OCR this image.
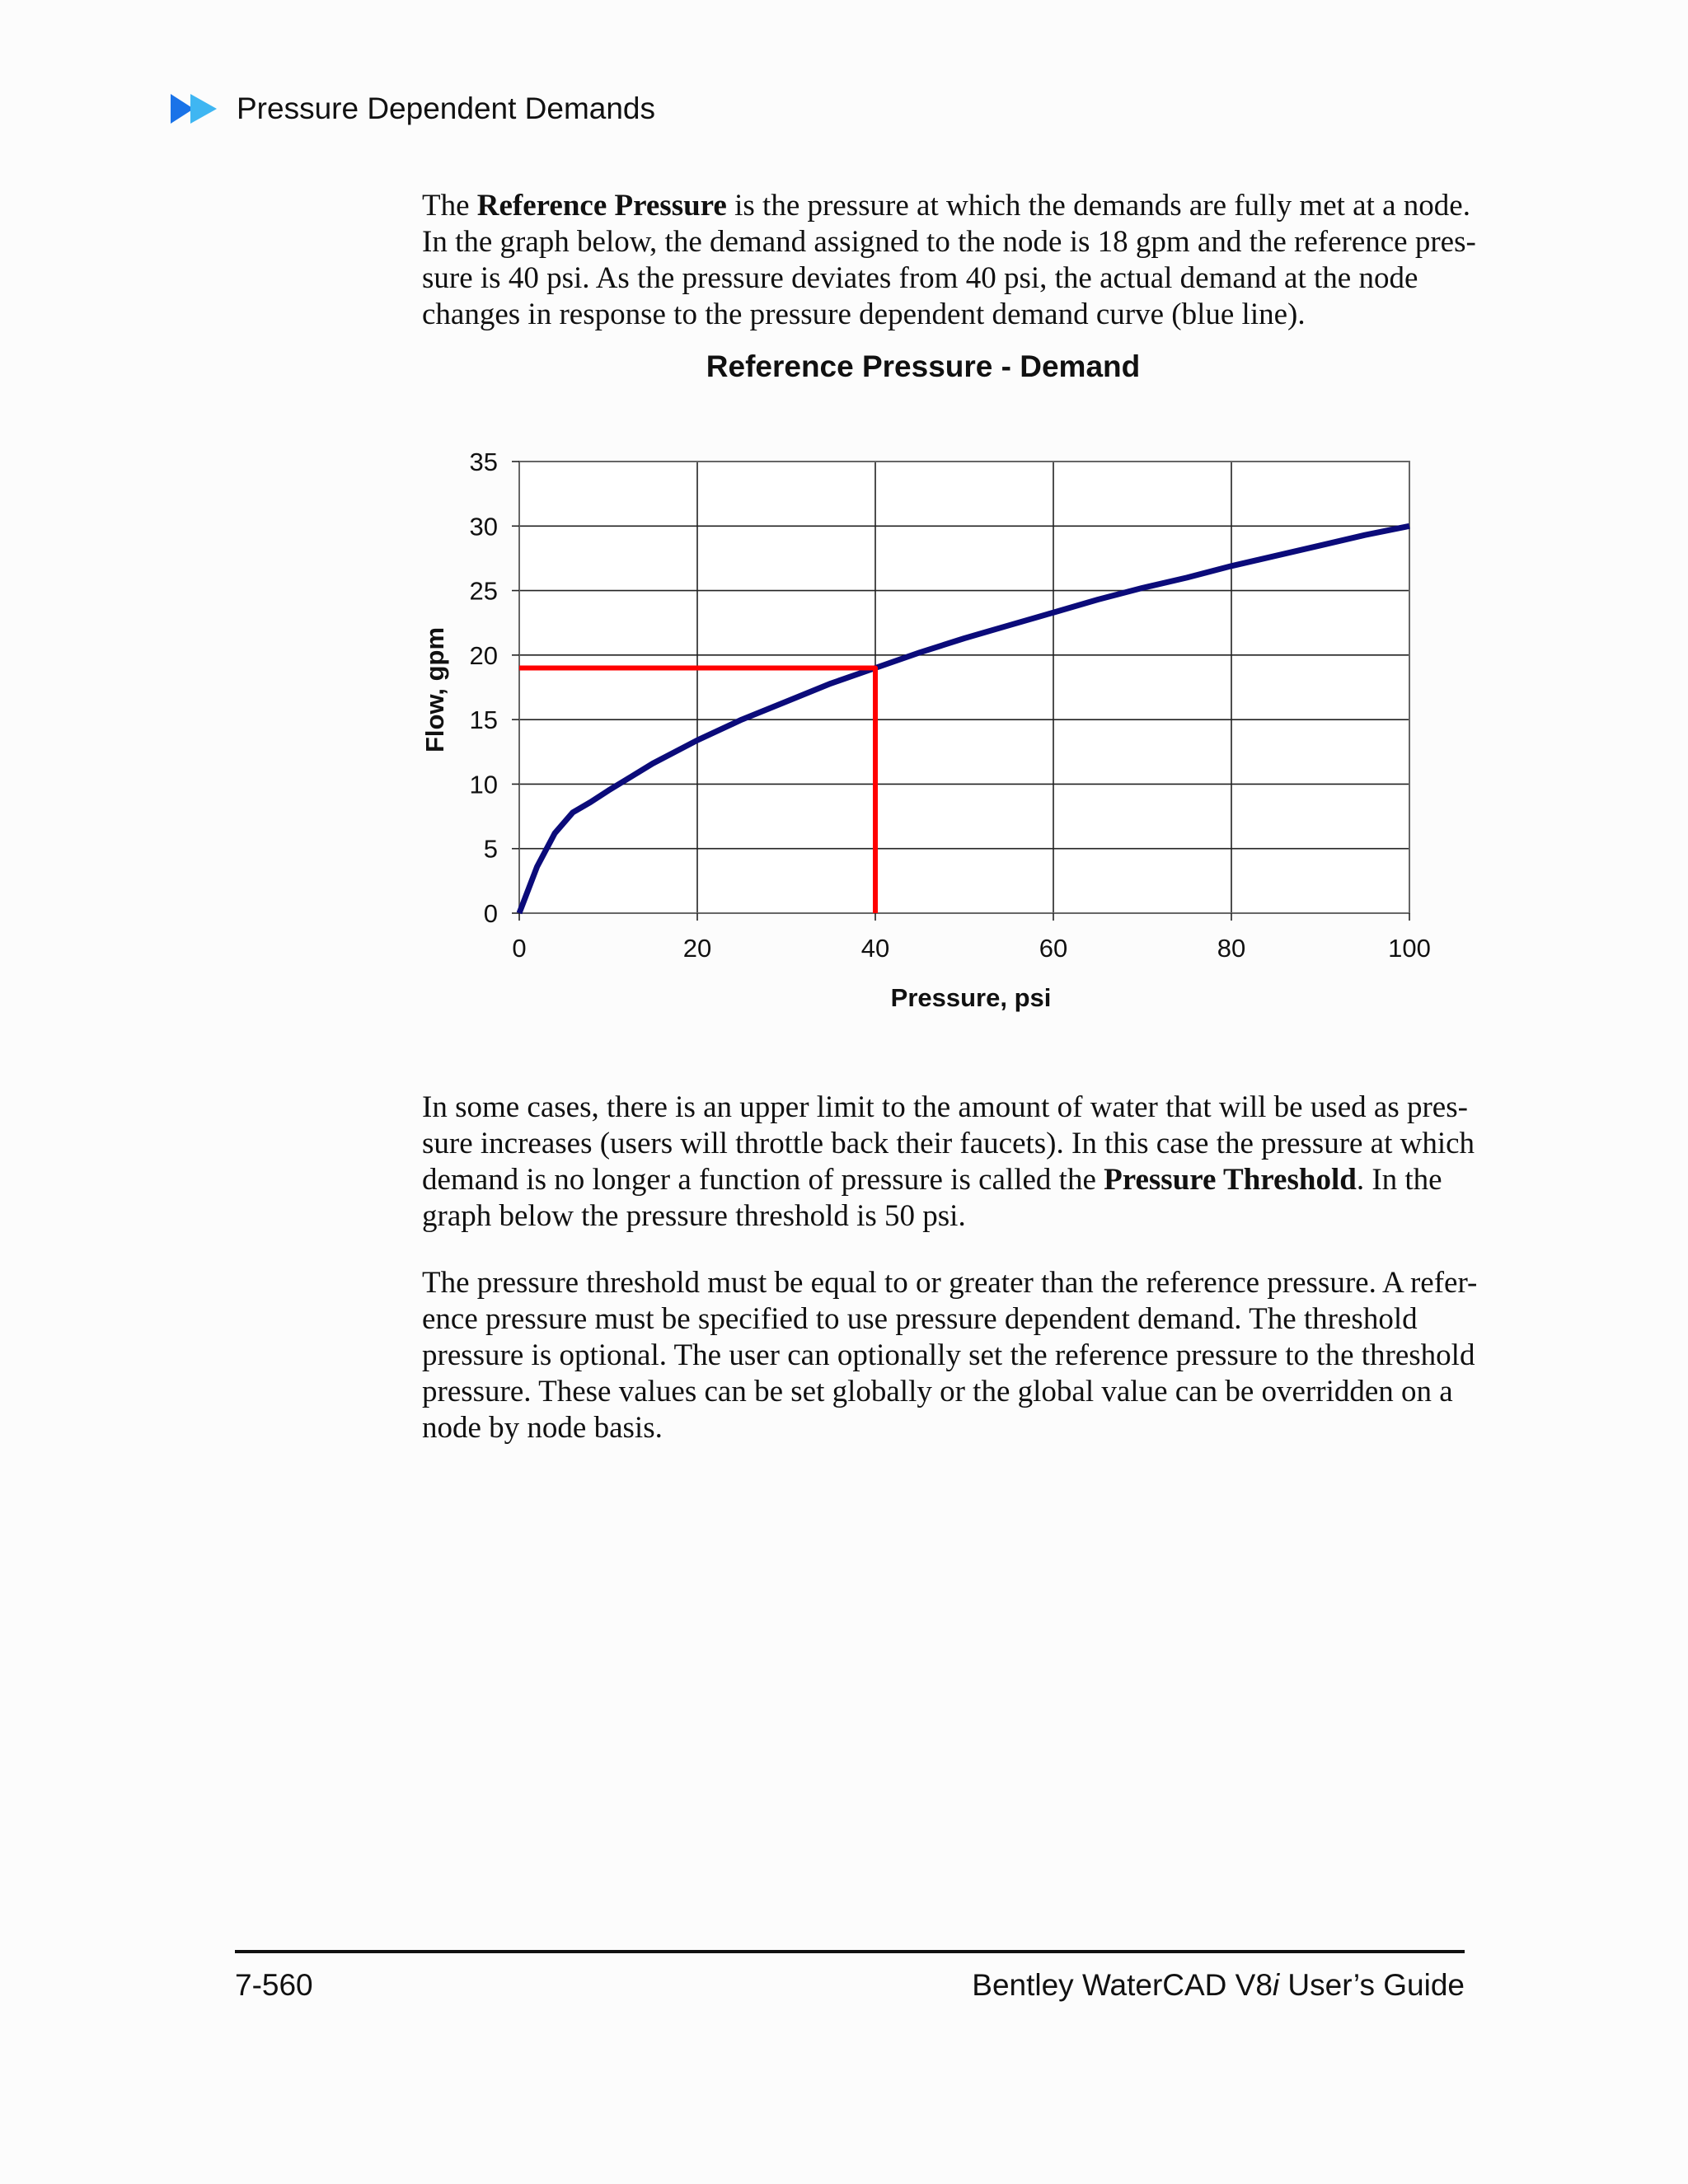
Pressure Dependent Demands

The Reference Pressure is the pressure at which the demands are fully met at a node.
In the graph below, the demand assigned to the node is 18 gpm and the reference pres-
sure is 40 psi. As the pressure deviates from 40 psi, the actual demand at the node
changes in response to the pressure dependent demand curve (blue line).

Reference Pressure - Demand
0
5
10
15
20
25
30
35
0	20	40	60	80	100
Pressure, psi
Flow, gpm

In some cases, there is an upper limit to the amount of water that will be used as pres-
sure increases (users will throttle back their faucets). In this case the pressure at which
demand is no longer a function of pressure is called the Pressure Threshold. In the
graph below the pressure threshold is 50 psi.

The pressure threshold must be equal to or greater than the reference pressure. A refer-
ence pressure must be specified to use pressure dependent demand. The threshold
pressure is optional. The user can optionally set the reference pressure to the threshold
pressure. These values can be set globally or the global value can be overridden on a
node by node basis.

7-560	Bentley WaterCAD V8i User’s Guide
